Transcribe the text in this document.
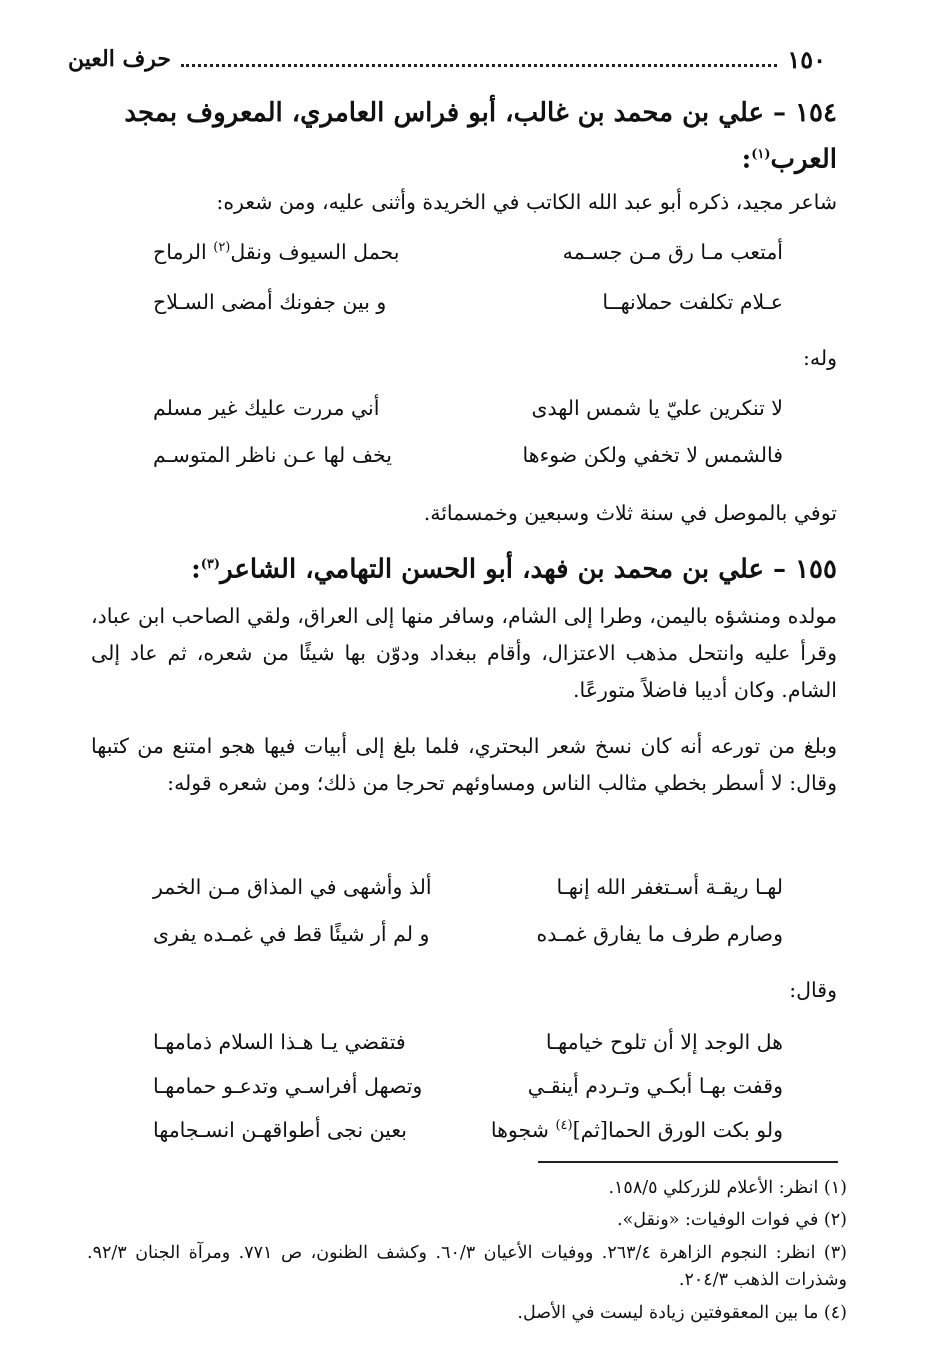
١٥٠
حرف العين
١٥٤ – علي بن محمد بن غالب، أبو فراس العامري، المعروف بمجد العرب$^{(١)}$:
شاعر مجيد، ذكره أبو عبد الله الكاتب في الخريدة وأثنى عليه، ومن شعره:
أمتعب مـا رق مـن جسـمه
بحمل السيوف ونقل$^{(٢)}$ الرماح
عـلام تكلفت حملانهــا
و بين جفونك أمضى السـلاح
وله:
لا تنكرين عليّ يا شمس الهدى
أني مررت عليك غير مسلم
فالشمس لا تخفي ولكن ضوءها
يخف لها عـن ناظر المتوسـم
توفي بالموصل في سنة ثلاث وسبعين وخمسمائة.
١٥٥ – علي بن محمد بن فهد، أبو الحسن التهامي، الشاعر$^{(٣)}$:
مولده ومنشؤه باليمن، وطرا إلى الشام، وسافر منها إلى العراق، ولقي الصاحب ابن عباد، وقرأ عليه وانتحل مذهب الاعتزال، وأقام ببغداد ودوّن بها شيئًا من شعره، ثم عاد إلى الشام. وكان أديبا فاضلاً متورعًا.
وبلغ من تورعه أنه كان نسخ شعر البحتري، فلما بلغ إلى أبيات فيها هجو امتنع من كتبها وقال: لا أسطر بخطي مثالب الناس ومساوئهم تحرجا من ذلك؛ ومن شعره قوله:
لهـا ريقـة أسـتغفر الله إنهـا
ألذ وأشهى في المذاق مـن الخمر
وصارم طرف ما يفارق غمـده
و لم أر شيئًا قط في غمـده يفرى
وقال:
هل الوجد إلا أن تلوح خيامهـا
فتقضي يـا هـذا السلام ذمامهـا
وقفت بهـا أبكـي وتـردم أينقـي
وتصهل أفراسـي وتدعـو حمامهـا
ولو بكت الورق الحما[ثم]$^{(٤)}$ شجوها
بعين نجى أطواقهـن انسـجامها
(١) انظر: الأعلام للزركلي ١٥٨/٥.
(٢) في فوات الوفيات: «ونقل».
(٣) انظر: النجوم الزاهرة ٢٦٣/٤. ووفيات الأعيان ٦٠/٣. وكشف الظنون، ص ٧٧١. ومرآة الجنان ٩٢/٣. وشذرات الذهب ٢٠٤/٣.
(٤) ما بين المعقوفتين زيادة ليست في الأصل.
